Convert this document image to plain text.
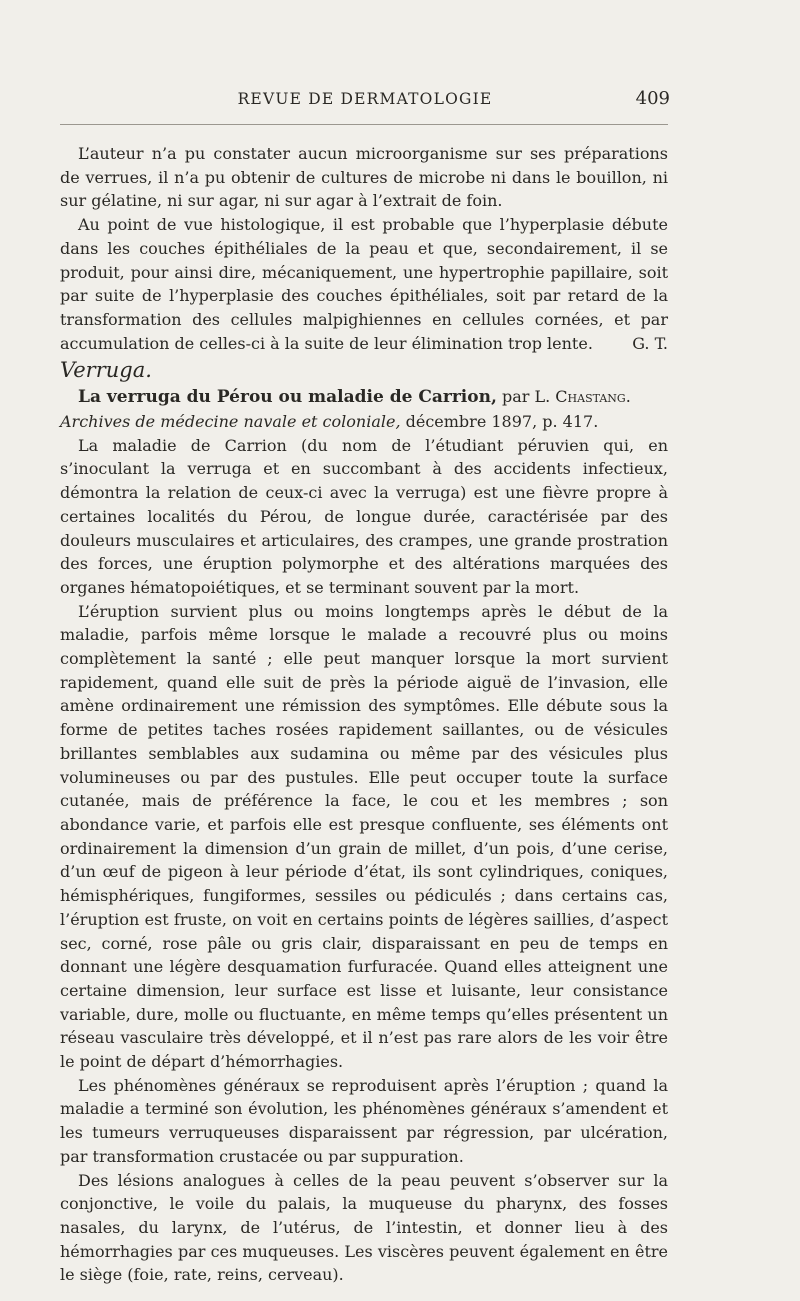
REVUE DE DERMATOLOGIE	409

L’auteur n’a pu constater aucun microorganisme sur ses préparations de verrues, il n’a pu obtenir de cultures de microbe ni dans le bouillon, ni sur gélatine, ni sur agar, ni sur agar à l’extrait de foin.

Au point de vue histologique, il est probable que l’hyperplasie débute dans les couches épithéliales de la peau et que, secondairement, il se produit, pour ainsi dire, mécaniquement, une hypertrophie papillaire, soit par suite de l’hyperplasie des couches épithéliales, soit par retard de la transformation des cellules malpighiennes en cellules cornées, et par accumulation de celles-ci à la suite de leur élimination trop lente.	G. T.

Verruga.

La verruga du Pérou ou maladie de Carrion, par L. Chastang.

Archives de médecine navale et coloniale, décembre 1897, p. 417.

La maladie de Carrion (du nom de l’étudiant péruvien qui, en s’inoculant la verruga et en succombant à des accidents infectieux, démontra la relation de ceux-ci avec la verruga) est une fièvre propre à certaines localités du Pérou, de longue durée, caractérisée par des douleurs musculaires et articulaires, des crampes, une grande prostration des forces, une éruption polymorphe et des altérations marquées des organes hématopoiétiques, et se terminant souvent par la mort.

L’éruption survient plus ou moins longtemps après le début de la maladie, parfois même lorsque le malade a recouvré plus ou moins complètement la santé ; elle peut manquer lorsque la mort survient rapidement, quand elle suit de près la période aiguë de l’invasion, elle amène ordinairement une rémission des symptômes. Elle débute sous la forme de petites taches rosées rapidement saillantes, ou de vésicules brillantes semblables aux sudamina ou même par des vésicules plus volumineuses ou par des pustules. Elle peut occuper toute la surface cutanée, mais de préférence la face, le cou et les membres ; son abondance varie, et parfois elle est presque confluente, ses éléments ont ordinairement la dimension d’un grain de millet, d’un pois, d’une cerise, d’un œuf de pigeon à leur période d’état, ils sont cylindriques, coniques, hémisphériques, fungiformes, sessiles ou pédiculés ; dans certains cas, l’éruption est fruste, on voit en certains points de légères saillies, d’aspect sec, corné, rose pâle ou gris clair, disparaissant en peu de temps en donnant une légère desquamation furfuracée. Quand elles atteignent une certaine dimension, leur surface est lisse et luisante, leur consistance variable, dure, molle ou fluctuante, en même temps qu’elles présentent un réseau vasculaire très développé, et il n’est pas rare alors de les voir être le point de départ d’hémorrhagies.

Les phénomènes généraux se reproduisent après l’éruption ; quand la maladie a terminé son évolution, les phénomènes généraux s’amendent et les tumeurs verruqueuses disparaissent par régression, par ulcération, par transformation crustacée ou par suppuration.

Des lésions analogues à celles de la peau peuvent s’observer sur la conjonctive, le voile du palais, la muqueuse du pharynx, des fosses nasales, du larynx, de l’utérus, de l’intestin, et donner lieu à des hémorrhagies par ces muqueuses. Les viscères peuvent également en être le siège (foie, rate, reins, cerveau).
